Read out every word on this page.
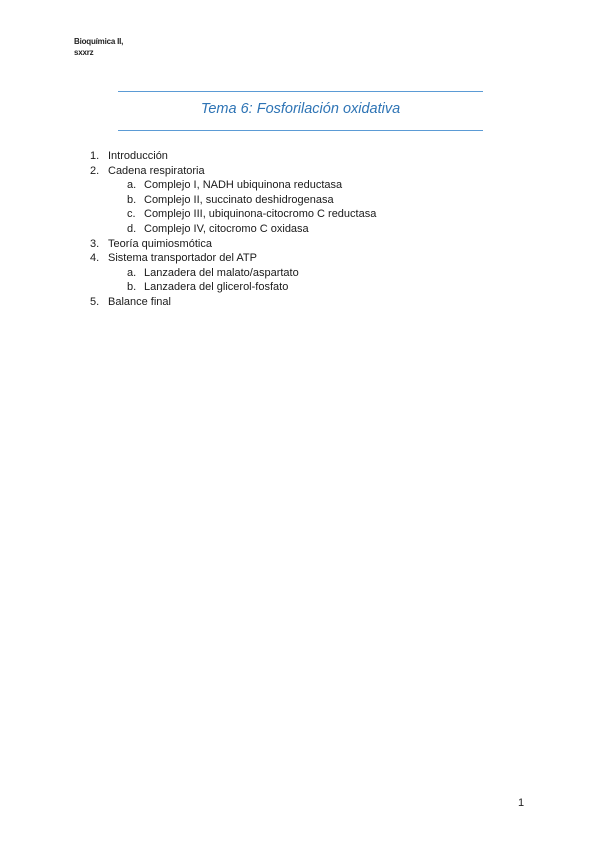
Bioquímica II,
sxxrz
Tema 6: Fosforilación oxidativa
1. Introducción
2. Cadena respiratoria
a. Complejo I, NADH ubiquinona reductasa
b. Complejo II, succinato deshidrogenasa
c. Complejo III, ubiquinona-citocromo C reductasa
d. Complejo IV, citocromo C oxidasa
3. Teoría quimiosmótica
4. Sistema transportador del ATP
a. Lanzadera del malato/aspartato
b. Lanzadera del glicerol-fosfato
5. Balance final
1
